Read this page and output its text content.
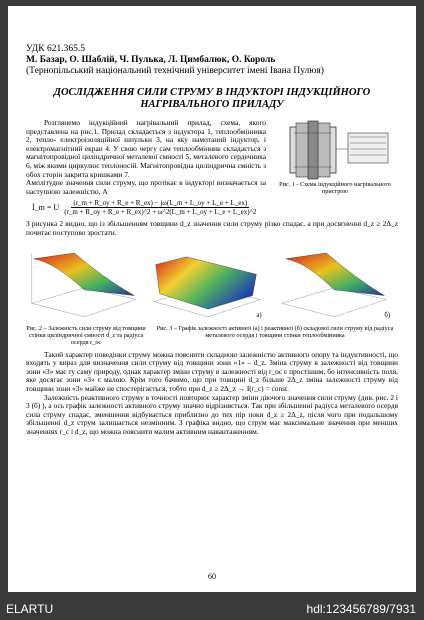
УДК 621.365.5
М. Базар, О. Шаблій, Ч. Пулька, Л. Цимбалюк, О. Король
(Тернопільський національний технічний університет імені Івана Пулюя)
ДОСЛІДЖЕННЯ СИЛИ СТРУМУ В ІНДУКТОРІ ІНДУКЦІЙНОГО НАГРІВАЛЬНОГО ПРИЛАДУ
Розглянемо індукційний нагрівальний прилад, схема, якого представлена на рис.1. Прилад складається з індуктора 1, теплообмінника 2, тепло- електроізоляційної шпульки 3, на яку намотаний індуктор, і електромагнітний екран 4. У свою чергу сам теплообмінник складається з магнітопровідної циліндричної металевої ємності 5, металевого сердечника 6, між якими циркулює теплоносій. Магнітопровідна циліндрична ємність з обох сторін закрита кришками 7.
Амплітудне значення сили струму, що протікає в індукторі визначається за наступною залежністю, А
Рис. 1 - Схема індукційного нагрівального пристрою
İ_m = U $\frac{(r\_m + R\_oy + R\_e + R\_ex) - j\omega(L\_m + L\_oy + L\_e + L\_ex)}{(r\_m + R\_oy + R\_e + R\_ex)\^{}2 + \omega\^{}2(L\_m + L\_oy + L\_e + L\_ex)\^{}2}$
З рисунка 2 видно, що із збільшенням товщини d_z значення сили струму різко спадає, а при досягненні d_z ≥ 2Δ_z почитає поступово зростати.
а)	б)
Рис. 2 – Залежність сили струму від товщини стінки циліндричної ємності d_z та радіуса осердя r_oc
Рис. 3 – Графік залежності активної (а) і реактивної (б) складової сили струму від радіуса металевого осердя і товщини стінки теплообмінника
Такий характер поведінки струму можна пояснити складною залежністю активного опору та індуктивності, що входять у вираз для визначення сили струму від товщини зони «1» – d_z. Зміна струму в залежності від товщини зони «3» має ту саму природу, однак характер зміни струму в залежності від r_oc є простішим, бо інтенсивність поля, яке досягає зони «3» є малою. Крім того бачимо, що при товщині d_z більше 2Δ_z зміна залежності струму від товщини зони «3» майже не спостерігається, тобто при d_z ≥ 2Δ_z → I(r_c) = const.
Залежність реактивного струму в точності повторює характер зміни діючого значення сили струму (див. рис. 2 і 3 (б) ), а ось графік залежності активного струму значно відрізняється. Так при збільшенні радіуса металевого осердя сила струму спадає, зменшення відбувається приблизно до тих пір поки d_z ≥ 2Δ_z, після чого при подальшому збільшенні d_z струм залишається незмінним. З графіка видно, що струм має максимальне значення при менших значеннях r_c і d_z, що можна пояснити малим активним навантаженням.
60
ELARTU	hdl:123456789/7931
